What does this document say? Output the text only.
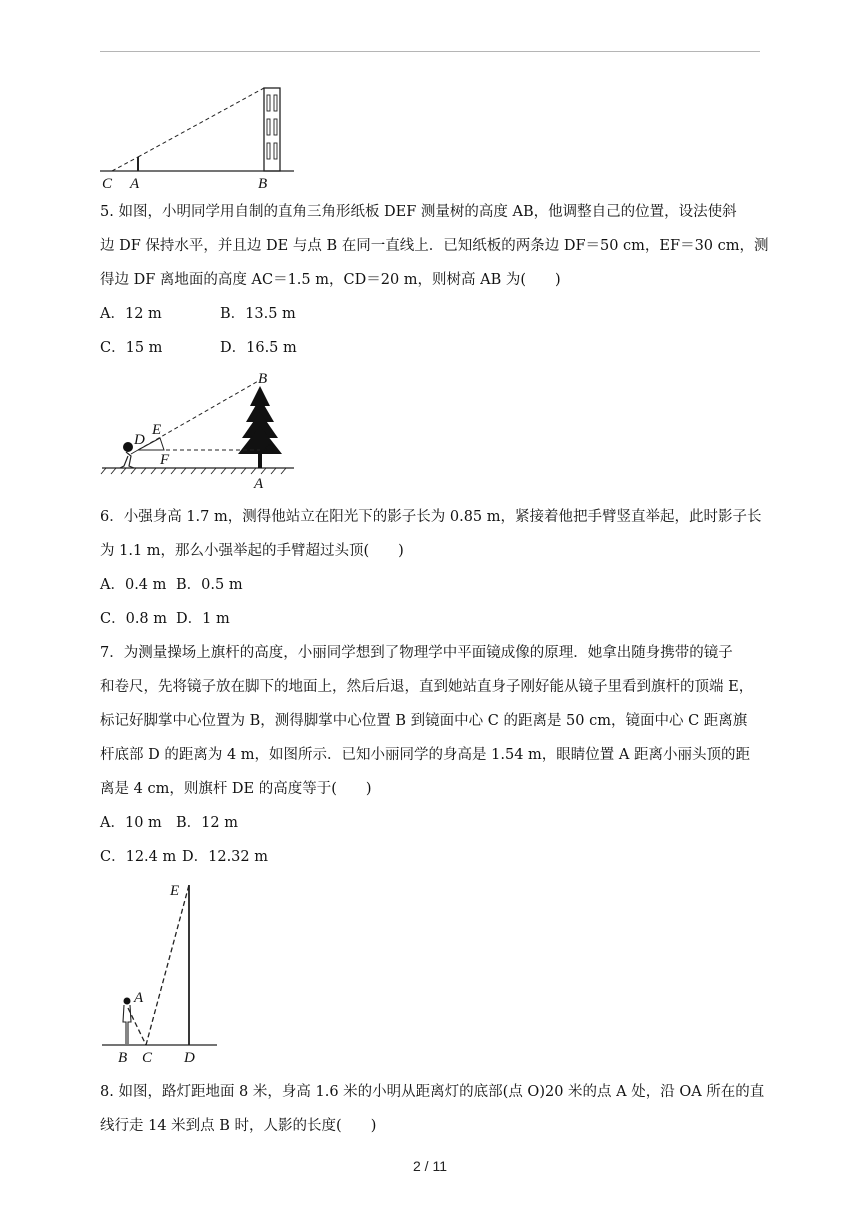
C A	B
5. 如图，小明同学用自制的直角三角形纸板 DEF 测量树的高度 AB，他调整自己的位置，设法使斜
边 DF 保持水平，并且边 DE 与点 B 在同一直线上．已知纸板的两条边 DF＝50 cm，EF＝30 cm，测
得边 DF 离地面的高度 AC＝1.5 m，CD＝20 m，则树高 AB 为(　　)
A．12 m	B．13.5 m
C．15 m	D．16.5 m
B
E
D
C
F
A
6．小强身高 1.7 m，测得他站立在阳光下的影子长为 0.85 m，紧接着他把手臂竖直举起，此时影子长
为 1.1 m，那么小强举起的手臂超过头顶(　　)
A．0.4 m B．0.5 m
C．0.8 m D．1 m
7．为测量操场上旗杆的高度，小丽同学想到了物理学中平面镜成像的原理．她拿出随身携带的镜子
和卷尺，先将镜子放在脚下的地面上，然后后退，直到她站直身子刚好能从镜子里看到旗杆的顶端 E，
标记好脚掌中心位置为 B，测得脚掌中心位置 B 到镜面中心 C 的距离是 50 cm，镜面中心 C 距离旗
杆底部 D 的距离为 4 m，如图所示．已知小丽同学的身高是 1.54 m，眼睛位置 A 距离小丽头顶的距
离是 4 cm，则旗杆 DE 的高度等于(　　)
A．10 m B．12 m
C．12.4 m D．12.32 m
E
A
B C D
8. 如图，路灯距地面 8 米，身高 1.6 米的小明从距离灯的底部(点 O)20 米的点 A 处，沿 OA 所在的直
线行走 14 米到点 B 时，人影的长度(　　)
2 / 11
